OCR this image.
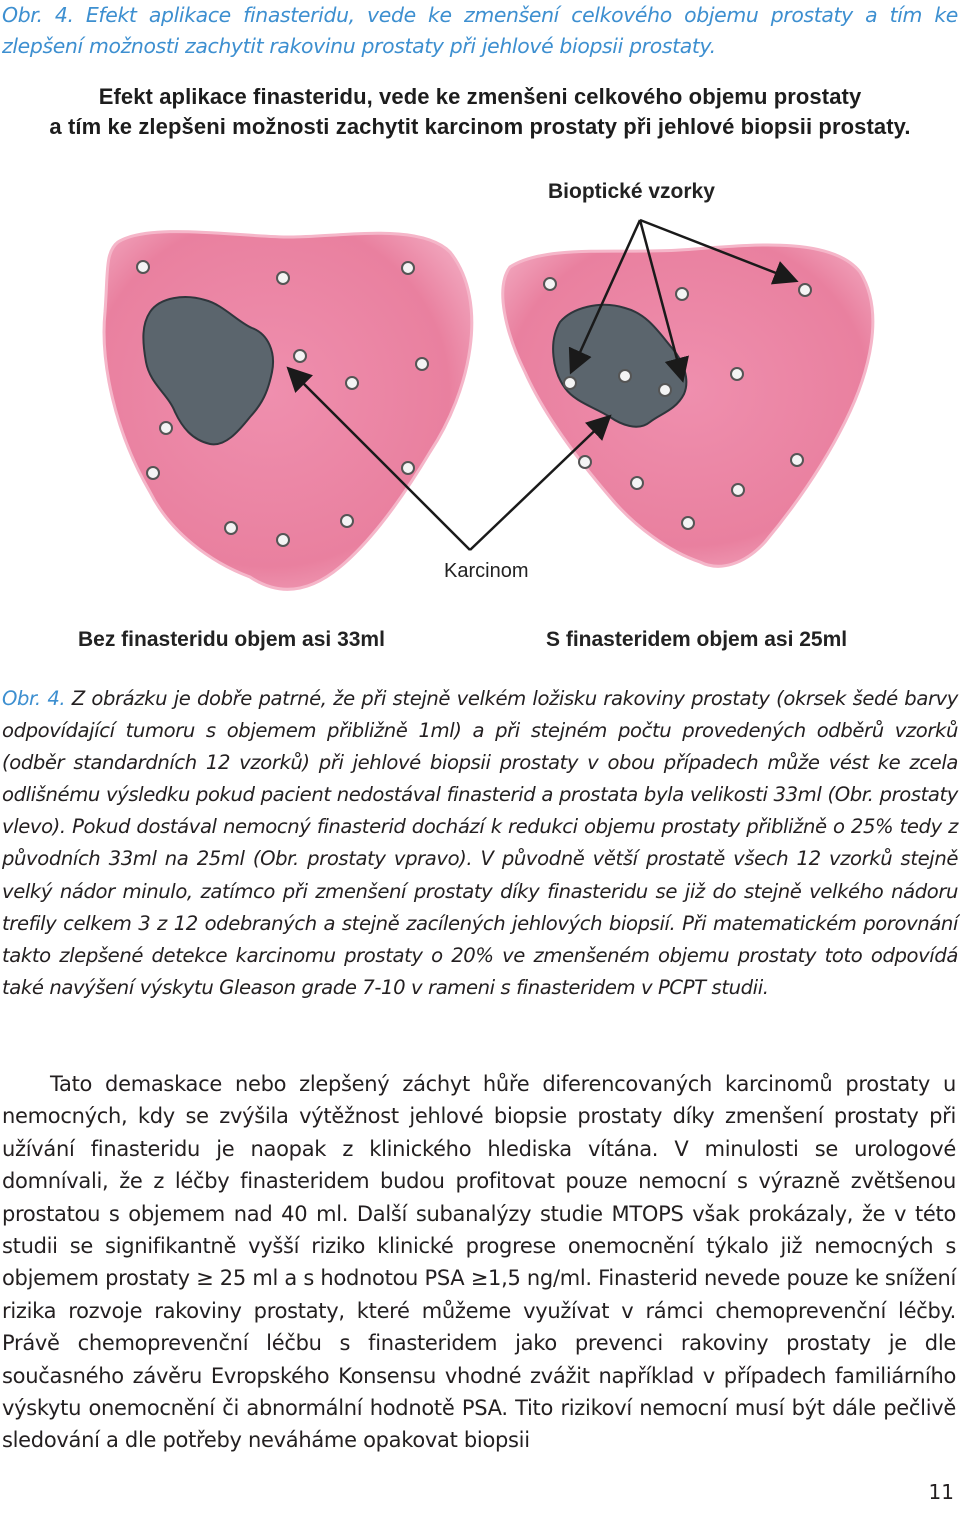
Obr. 4. Efekt aplikace finasteridu, vede ke zmenšení celkového objemu prostaty a tím ke zlepšení možnosti zachytit rakovinu prostaty při jehlové biopsii prostaty.
Efekt aplikace finasteridu, vede ke zmenšeni celkového objemu prostaty
a tím ke zlepšeni možnosti zachytit karcinom prostaty při jehlové biopsii prostaty.
Bioptické vzorky
Karcinom
Bez finasteridu objem asi 33ml	S finasteridem objem asi 25ml
Obr. 4. Z obrázku je dobře patrné, že při stejně velkém ložisku rakoviny prostaty (okrsek šedé barvy odpovídající tumoru s objemem přibližně 1ml) a při stejném počtu provedených odběrů vzorků (odběr standardních 12 vzorků) při jehlové biopsii prostaty v obou případech může vést ke zcela odlišnému výsledku pokud pacient nedostával finasterid a prostata byla velikosti 33ml (Obr. prostaty vlevo). Pokud dostával nemocný finasterid dochází k redukci objemu prostaty přibližně o 25% tedy z původních 33ml na 25ml (Obr. prostaty vpravo). V původně větší prostatě všech 12 vzorků stejně velký nádor minulo, zatímco při zmenšení prostaty díky finasteridu se již do stejně velkého nádoru trefily celkem 3 z 12 odebraných a stejně zacílených jehlových biopsií. Při matematickém porovnání takto zlepšené detekce karcinomu prostaty o 20% ve zmenšeném objemu prostaty toto odpovídá také navýšení výskytu Gleason grade 7-10 v rameni s finasteridem v PCPT studii.
Tato demaskace nebo zlepšený záchyt hůře diferencovaných karcinomů prostaty u nemocných, kdy se zvýšila výtěžnost jehlové biopsie prostaty díky zmenšení prostaty při užívání finasteridu je naopak z klinického hlediska vítána. V minulosti se urologové domnívali, že z léčby finasteridem budou profitovat pouze nemocní s výrazně zvětšenou prostatou s objemem nad 40 ml. Další subanalýzy studie MTOPS však prokázaly, že v této studii se signifikantně vyšší riziko klinické progrese onemocnění týkalo již nemocných s objemem prostaty ≥ 25 ml a s hodnotou PSA ≥1,5 ng/ml. Finasterid nevede pouze ke snížení rizika rozvoje rakoviny prostaty, které můžeme využívat v rámci chemoprevenční léčby. Právě chemoprevenční léčbu s finasteridem jako prevenci rakoviny prostaty je dle současného závěru Evropského Konsensu vhodné zvážit například v případech familiárního výskytu onemocnění či abnormální hodnotě PSA. Tito rizikoví nemocní musí být dále pečlivě sledování a dle potřeby neváháme opakovat biopsii
11
